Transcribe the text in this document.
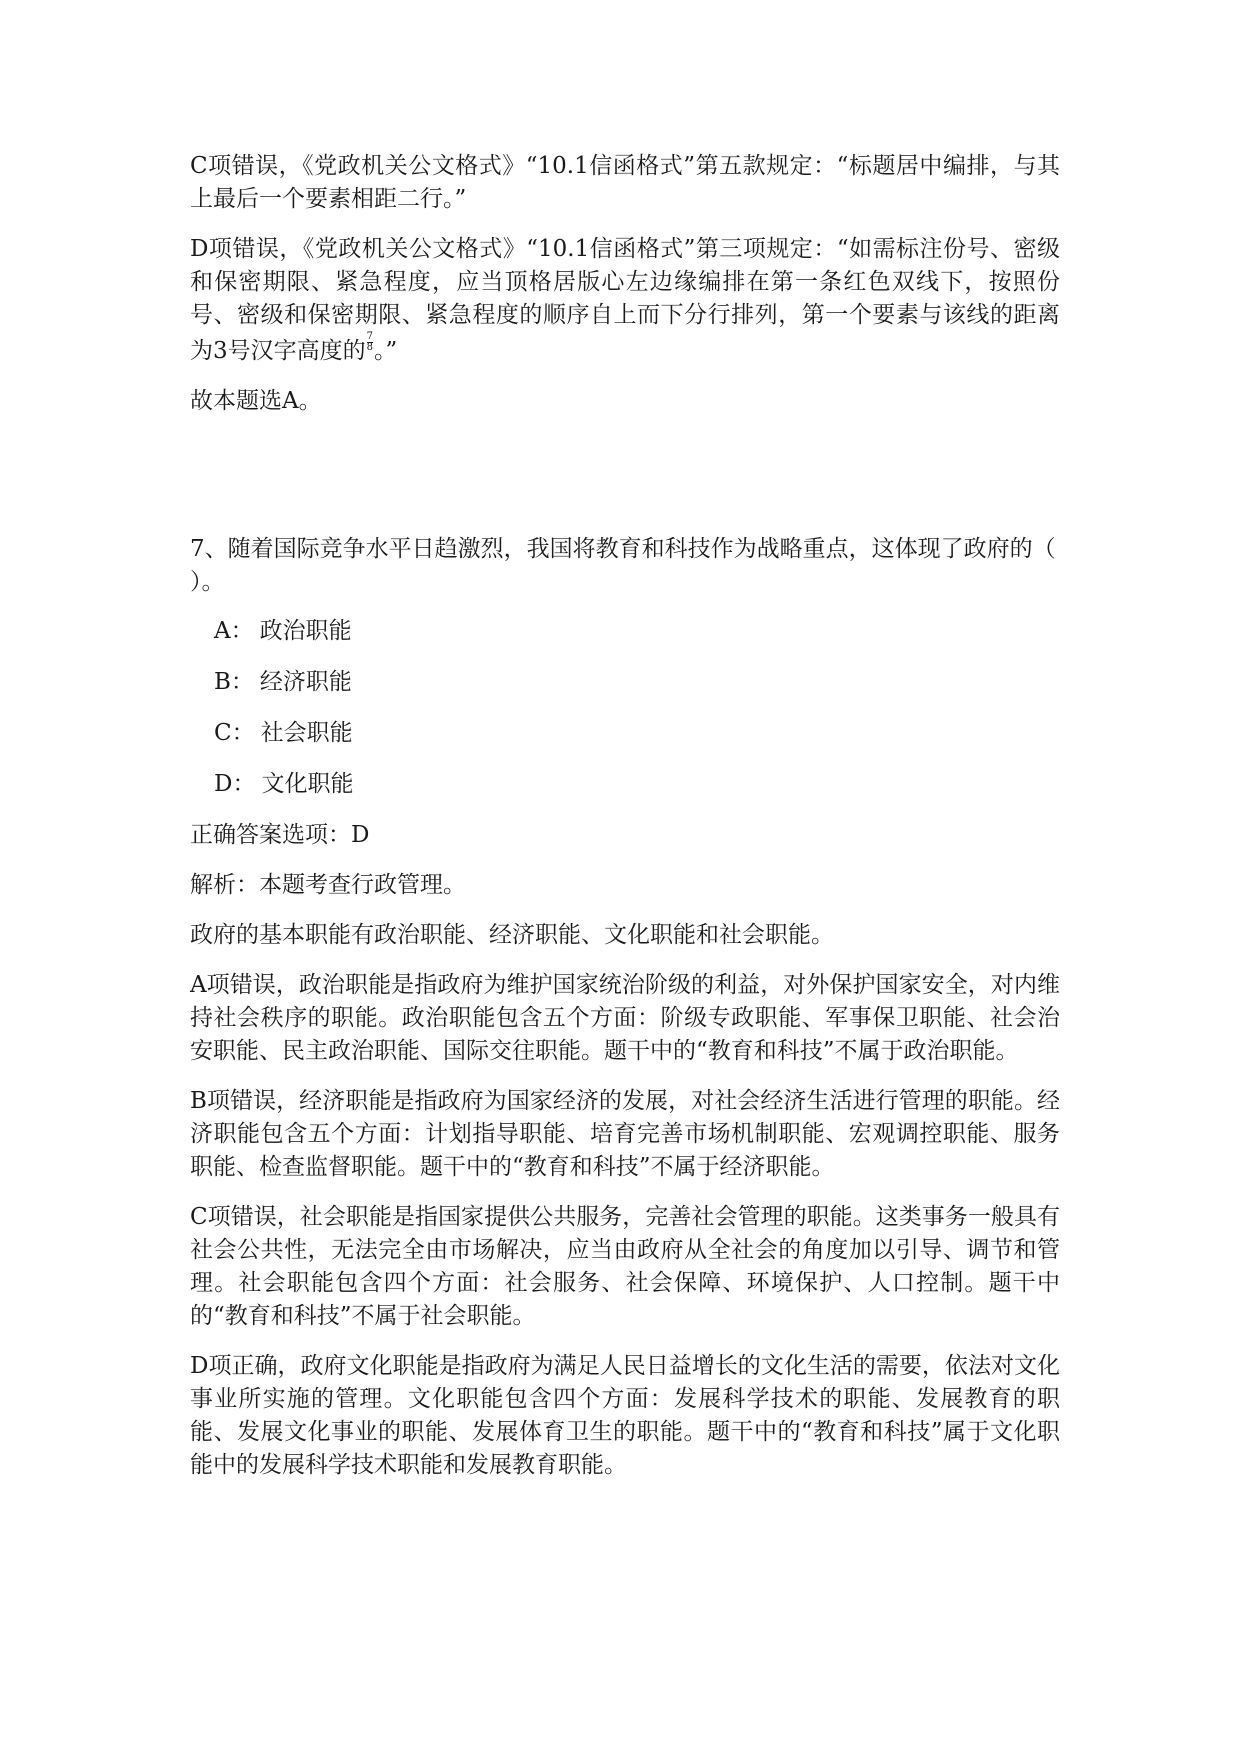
C项错误，《党政机关公文格式》“10.1信函格式”第五款规定：“标题居中编排，与其上最后一个要素相距二行。”

D项错误，《党政机关公文格式》“10.1信函格式”第三项规定：“如需标注份号、密级和保密期限、紧急程度，应当顶格居版心左边缘编排在第一条红色双线下，按照份号、密级和保密期限、紧急程度的顺序自上而下分行排列，第一个要素与该线的距离为3号汉字高度的 $\frac{7}{8}$ 。”

故本题选A。

7、随着国际竞争水平日趋激烈，我国将教育和科技作为战略重点，这体现了政府的（ ）。

A： 政治职能
B： 经济职能
C： 社会职能
D： 文化职能

正确答案选项：D

解析：本题考查行政管理。

政府的基本职能有政治职能、经济职能、文化职能和社会职能。

A项错误，政治职能是指政府为维护国家统治阶级的利益，对外保护国家安全，对内维持社会秩序的职能。政治职能包含五个方面：阶级专政职能、军事保卫职能、社会治安职能、民主政治职能、国际交往职能。题干中的“教育和科技”不属于政治职能。

B项错误，经济职能是指政府为国家经济的发展，对社会经济生活进行管理的职能。经济职能包含五个方面：计划指导职能、培育完善市场机制职能、宏观调控职能、服务职能、检查监督职能。题干中的“教育和科技”不属于经济职能。

C项错误，社会职能是指国家提供公共服务，完善社会管理的职能。这类事务一般具有社会公共性，无法完全由市场解决，应当由政府从全社会的角度加以引导、调节和管理。社会职能包含四个方面：社会服务、社会保障、环境保护、人口控制。题干中的“教育和科技”不属于社会职能。

D项正确，政府文化职能是指政府为满足人民日益增长的文化生活的需要，依法对文化事业所实施的管理。文化职能包含四个方面：发展科学技术的职能、发展教育的职能、发展文化事业的职能、发展体育卫生的职能。题干中的“教育和科技”属于文化职能中的发展科学技术职能和发展教育职能。
